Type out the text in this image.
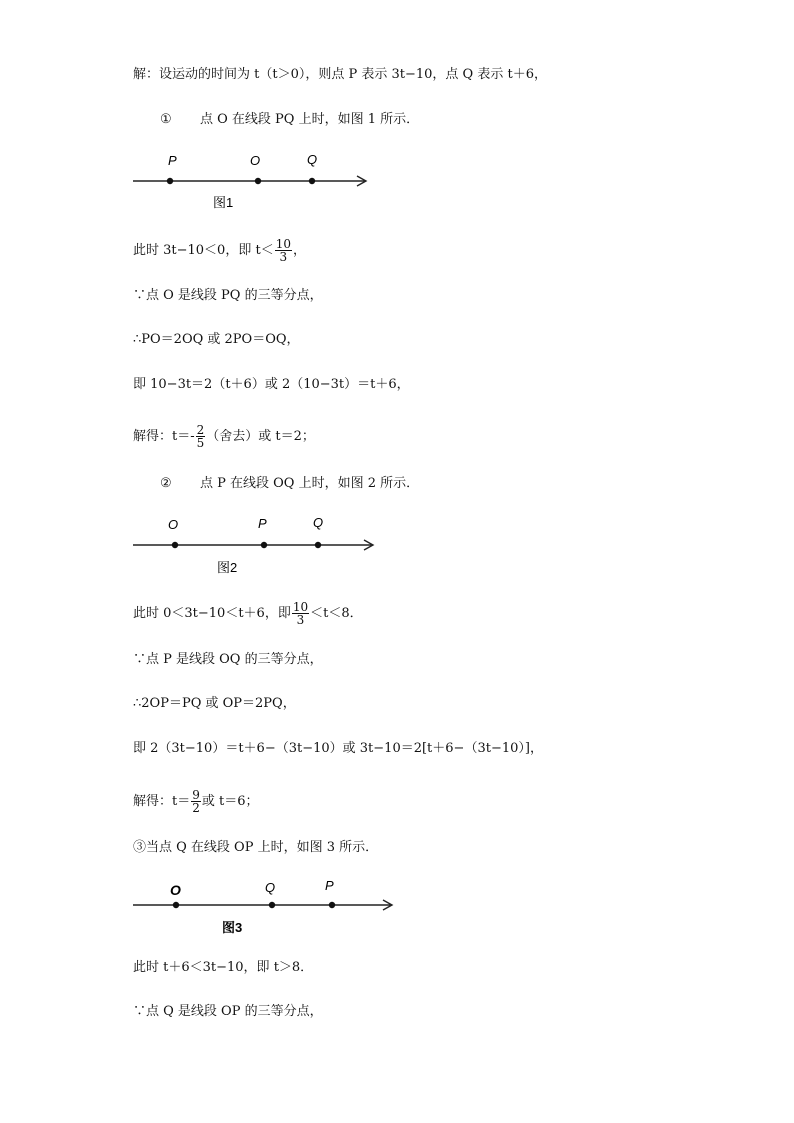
解：设运动的时间为 t（t＞0），则点 P 表示 3t−10，点 Q 表示 t＋6，
① 点 O 在线段 PQ 上时，如图 1 所示．
P	O	Q
图1
此时 3t−10＜0，即 $t< \frac{10}{3}$ ，
∵点 O 是线段 PQ 的三等分点，
∴PO＝2OQ 或 2PO＝OQ，
即 10−3t＝2（t＋6）或 2（10−3t）＝t＋6，
解得：$t=- \frac{2}{5}$ （舍去）或 t＝2；
② 点 P 在线段 OQ 上时，如图 2 所示．
O	P	Q
图2
此时 0＜3t−10＜t＋6，即 $\frac{10}{3} <t<8$．
∵点 P 是线段 OQ 的三等分点，
∴2OP＝PQ 或 OP＝2PQ，
即 2（3t−10）＝t＋6−（3t−10）或 3t−10＝2[t＋6−（3t−10）]，
解得：$t= \frac{9}{2}$ 或 t＝6；
③当点 Q 在线段 OP 上时，如图 3 所示．
O	Q	P
图3
此时 t＋6＜3t−10，即 t＞8．
∵点 Q 是线段 OP 的三等分点，
